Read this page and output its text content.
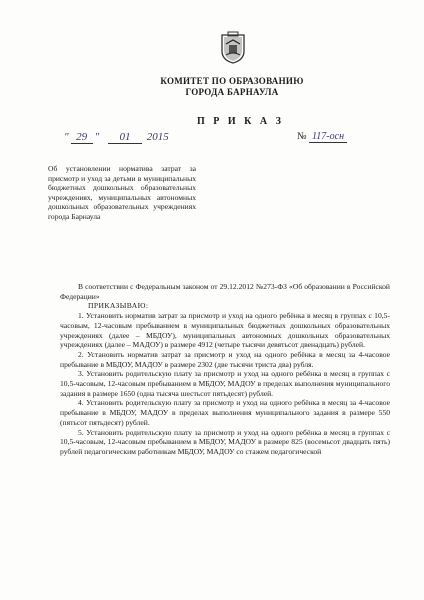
КОМИТЕТ ПО ОБРАЗОВАНИЮ
ГОРОДА БАРНАУЛА
П Р И К А З
" 29 " 01 2015	№ 117-осн
Об установлении норматива затрат за присмотр и уход за детьми в муниципальных бюджетных дошкольных образовательных учреждениях, муниципальных автономных дошкольных образовательных учреждениях города Барнаула

В соответствии с Федеральным законом от 29.12.2012 №273-ФЗ «Об образовании в Российской Федерации»

ПРИКАЗЫВАЮ:

1. Установить норматив затрат за присмотр и уход на одного ребёнка в месяц в группах с 10,5-часовым, 12-часовым пребыванием в муниципальных бюджетных дошкольных образовательных учреждениях (далее – МБДОУ), муниципальных автономных дошкольных образовательных учреждениях (далее – МАДОУ) в размере 4912 (четыре тысячи девятьсот двенадцать) рублей.

2. Установить норматив затрат за присмотр и уход на одного ребёнка в месяц за 4-часовое пребывание в МБДОУ, МАДОУ в размере 2302 (две тысячи триста два) рубля.

3. Установить родительскую плату за присмотр и уход на одного ребёнка в месяц в группах с 10,5-часовым, 12-часовым пребыванием в МБДОУ, МАДОУ в пределах выполнения муниципального задания в размере 1650 (одна тысяча шестьсот пятьдесят) рублей.

4. Установить родительскую плату за присмотр и уход на одного ребёнка в месяц за 4-часовое пребывание в МБДОУ, МАДОУ в пределах выполнения муниципального задания в размере 550 (пятьсот пятьдесят) рублей.

5. Установить родительскую плату за присмотр и уход на одного ребёнка в месяц в группах с 10,5-часовым, 12-часовым пребыванием в МБДОУ, МАДОУ в размере 825 (восемьсот двадцать пять) рублей педагогическим работникам МБДОУ, МАДОУ со стажем педагогической
